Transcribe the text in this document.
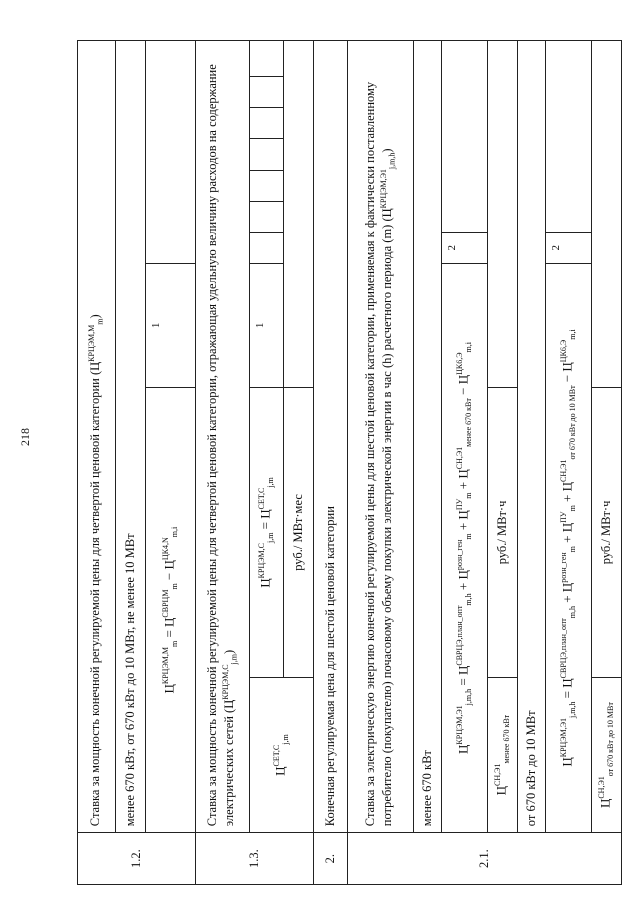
218
1.2.	Ставка за мощность конечной регулируемой цены для четвертой ценовой категории $(Ц^{КРЦЭМ,М}_m)$									
	менее 670 кВт, от 670 кВт до 10 МВт, не менее 10 МВт									
	$Ц^{КРЦЭМ,М}_m = Ц^{СВРЦМ}_m - Ц^{ЦК4,N}_{m,i}$		1							
1.3.	Ставка за мощность конечной регулируемой цены для четвертой ценовой категории, отражающая удельную величину расходов на содержание электрических сетей $(Ц^{КРЦЭМ,С}_{j,m})$									
	$Ц^{СЕТ,С}_{j,m}$	$Ц^{КРЦЭМ,С}_{j,m} = Ц^{СЕТ,С}_{j,m}$	1							
		руб./ МВт·мес								
2.	Конечная регулируемая цена для шестой ценовой категории									
2.1.	Ставка за электрическую энергию конечной регулируемой цены для шестой ценовой категории, применяемая к фактически поставленному потребителю (покупателю) почасовому объему покупки электрической энергии в час (h) расчетного периода (m) $(Ц^{КРЦЭМ,Э1}_{j,m,h})$									
	менее 670 кВт									
	$Ц^{КРЦЭМ,Э1}_{j,m,h} = Ц^{СВРЦЭ,план\_опт}_{m,h} + Ц^{розн\_ген}_m + Ц^{ПУ}_m + Ц^{СН,Э1}_{менее 670 кВт} - Ц^{ЦК6,Э}_{m,i}$			2						
	$Ц^{СН,Э1}_{менее 670 кВт}$	руб./ МВт·ч								
	от 670 кВт до 10 МВт									
	$Ц^{КРЦЭМ,Э1}_{j,m,h} = Ц^{СВРЦЭ,план\_опт}_{m,h} + Ц^{розн\_ген}_m + Ц^{ПУ}_m + Ц^{СН,Э1}_{от 670 кВт до 10 МВт} - Ц^{ЦК6,Э}_{m,i}$			2						
	$Ц^{СН,Э1}_{от 670 кВт до 10 МВт}$	руб./ МВт·ч								
